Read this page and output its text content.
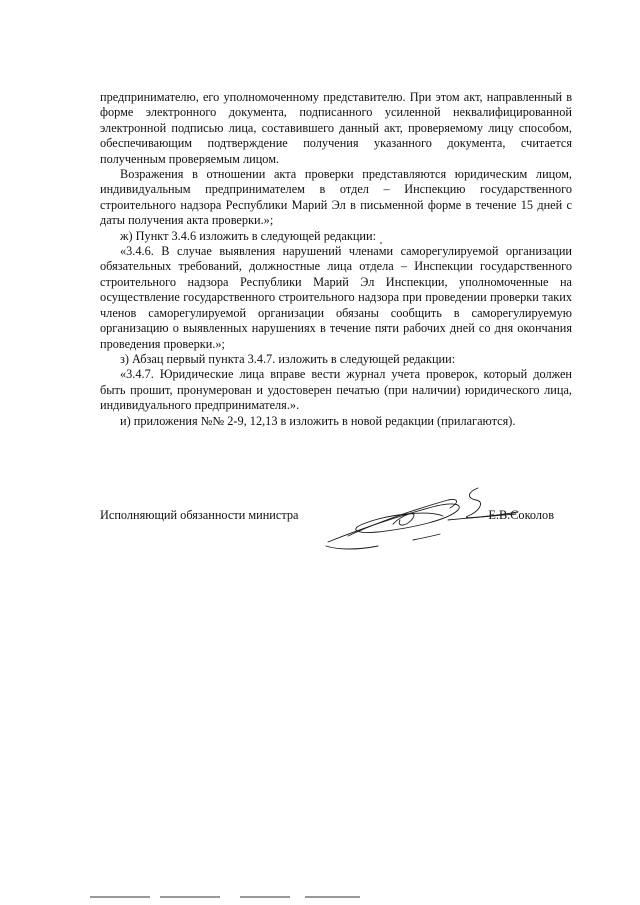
предпринимателю, его уполномоченному представителю. При этом акт, направленный в форме электронного документа, подписанного усиленной неквалифицированной электронной подписью лица, составившего данный акт, проверяемому лицу способом, обеспечивающим подтверждение получения указанного документа, считается полученным проверяемым лицом.

Возражения в отношении акта проверки представляются юридическим лицом, индивидуальным предпринимателем в отдел – Инспекцию государственного строительного надзора Республики Марий Эл в письменной форме в течение 15 дней с даты получения акта проверки.»;

ж) Пункт 3.4.6 изложить в следующей редакции:

«3.4.6. В случае выявления нарушений членами саморегулируемой организации обязательных требований, должностные лица отдела – Инспекции государственного строительного надзора Республики Марий Эл Инспекции, уполномоченные на осуществление государственного строительного надзора при проведении проверки таких членов саморегулируемой организации обязаны сообщить в саморегулируемую организацию о выявленных нарушениях в течение пяти рабочих дней со дня окончания проведения проверки.»;

з) Абзац первый пункта 3.4.7. изложить в следующей редакции:

«3.4.7. Юридические лица вправе вести журнал учета проверок, который должен быть прошит, пронумерован и удостоверен печатью (при наличии) юридического лица, индивидуального предпринимателя.».

и) приложения №№ 2-9, 12,13 в изложить в новой редакции (прилагаются).

Исполняющий обязанности министра	Е.В.Соколов
